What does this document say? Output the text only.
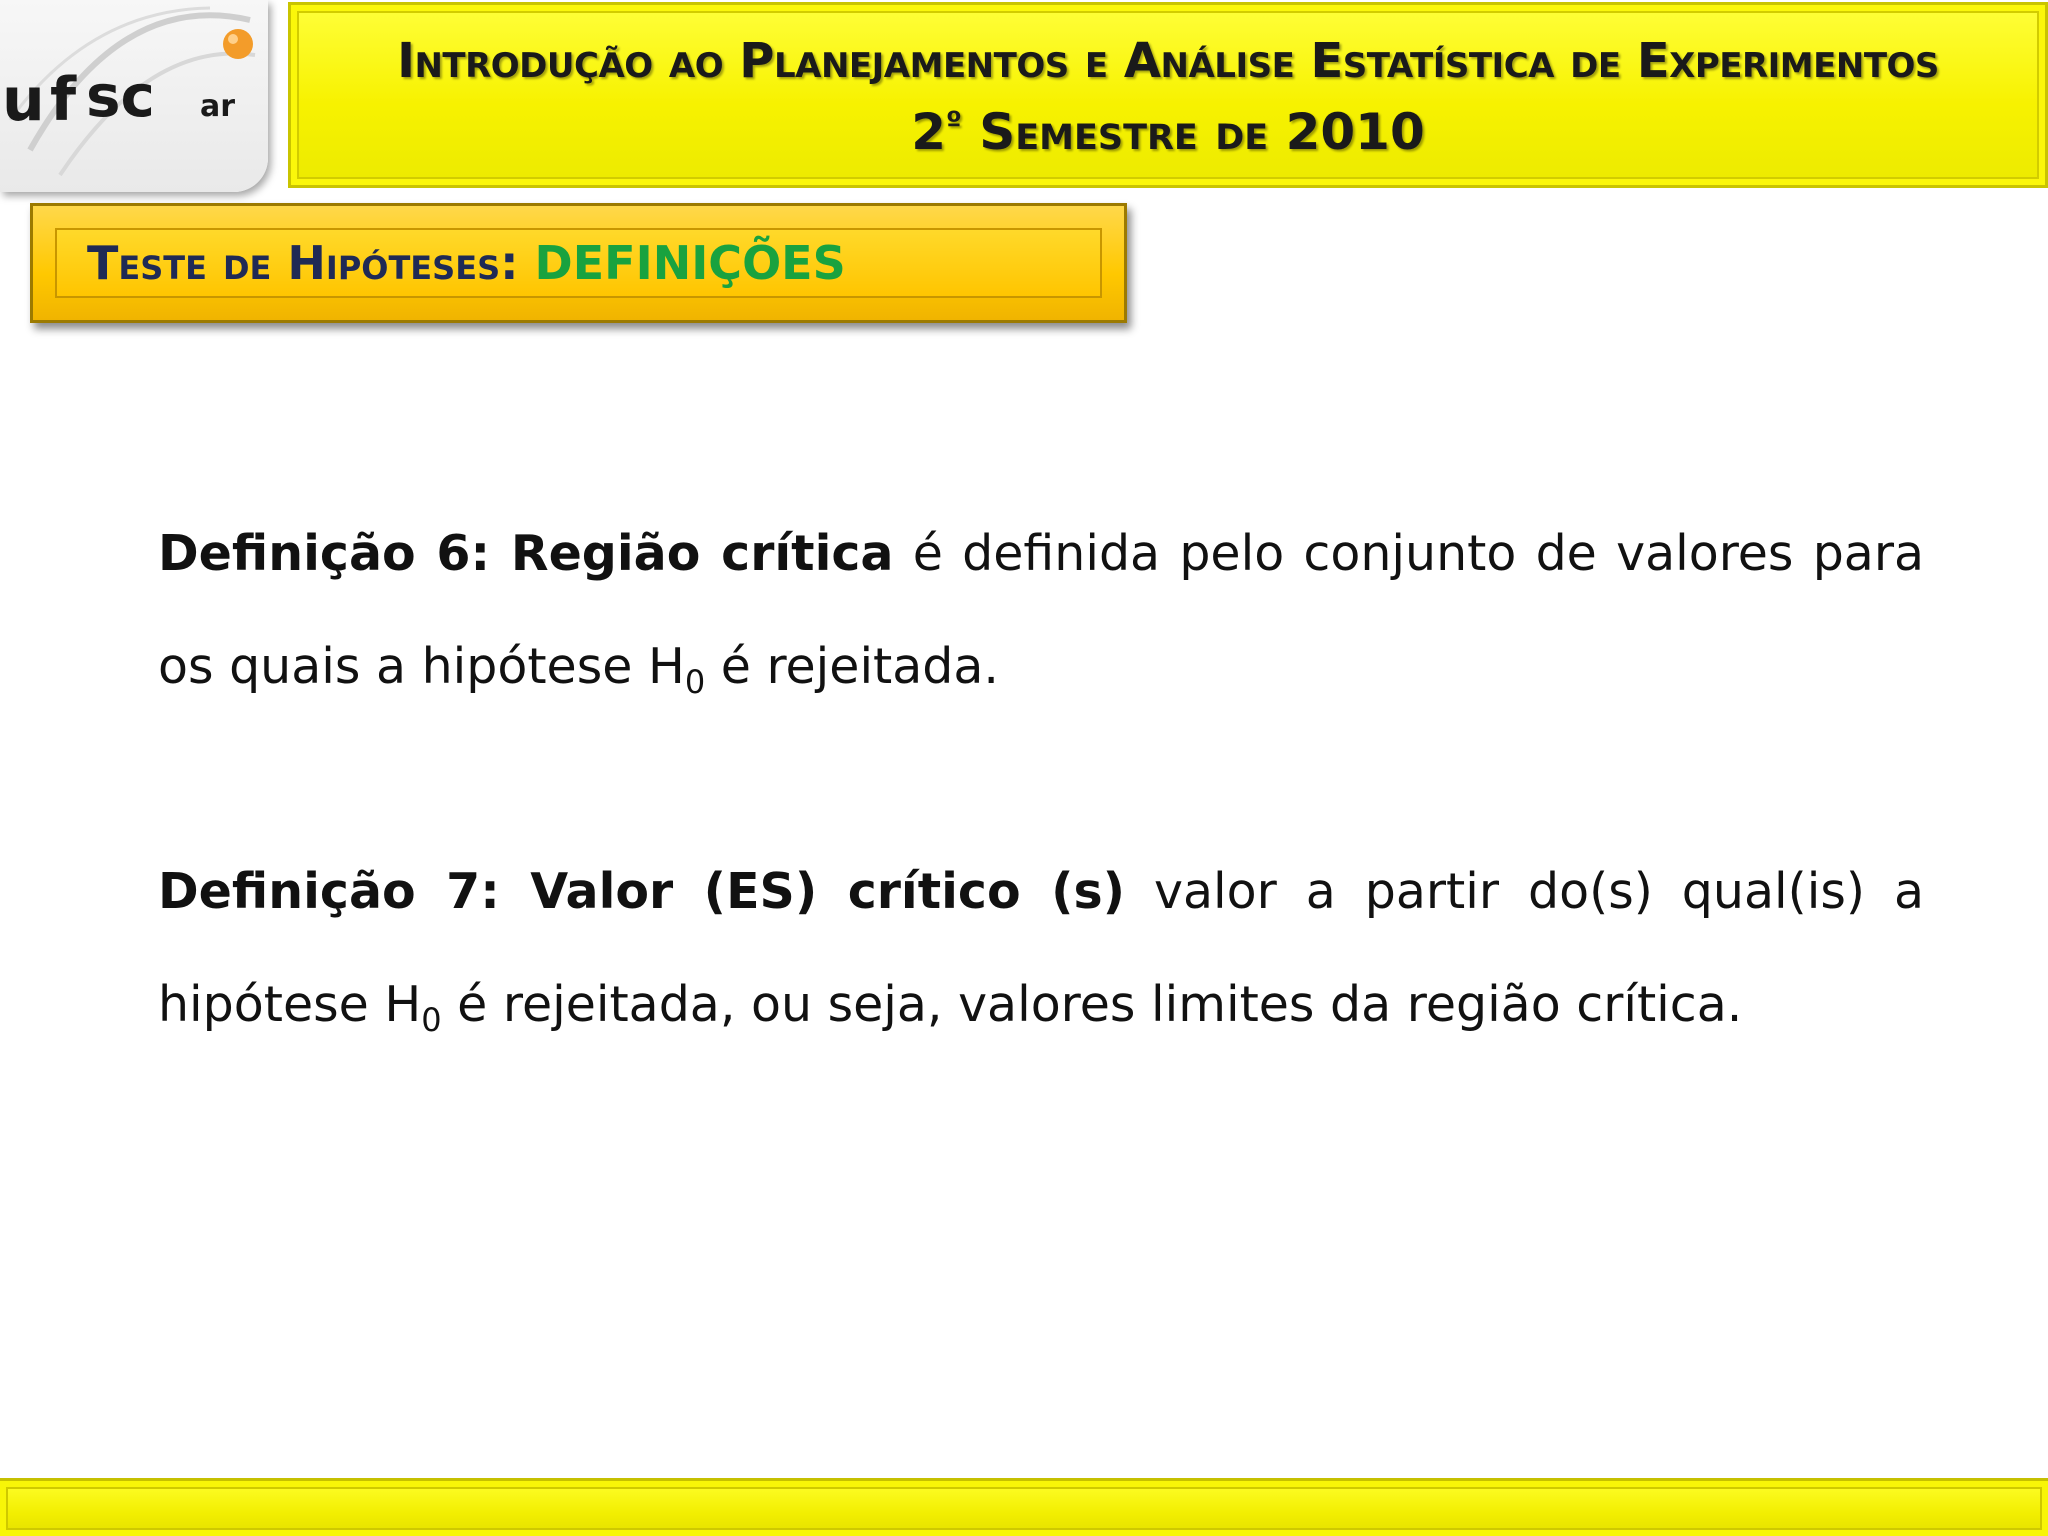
u f sc ar
Introdução ao Planejamentos e Análise Estatística de Experimentos
$2^º$ Semestre de 2010
Teste de Hipóteses: DEFINIÇÕES
Definição 6: Região crítica é definida pelo conjunto de valores para os quais a hipótese $H_0$ é rejeitada.
Definição 7: Valor (ES) crítico (s) valor a partir do(s) qual(is) a hipótese $H_0$ é rejeitada, ou seja, valores limites da região crítica.
